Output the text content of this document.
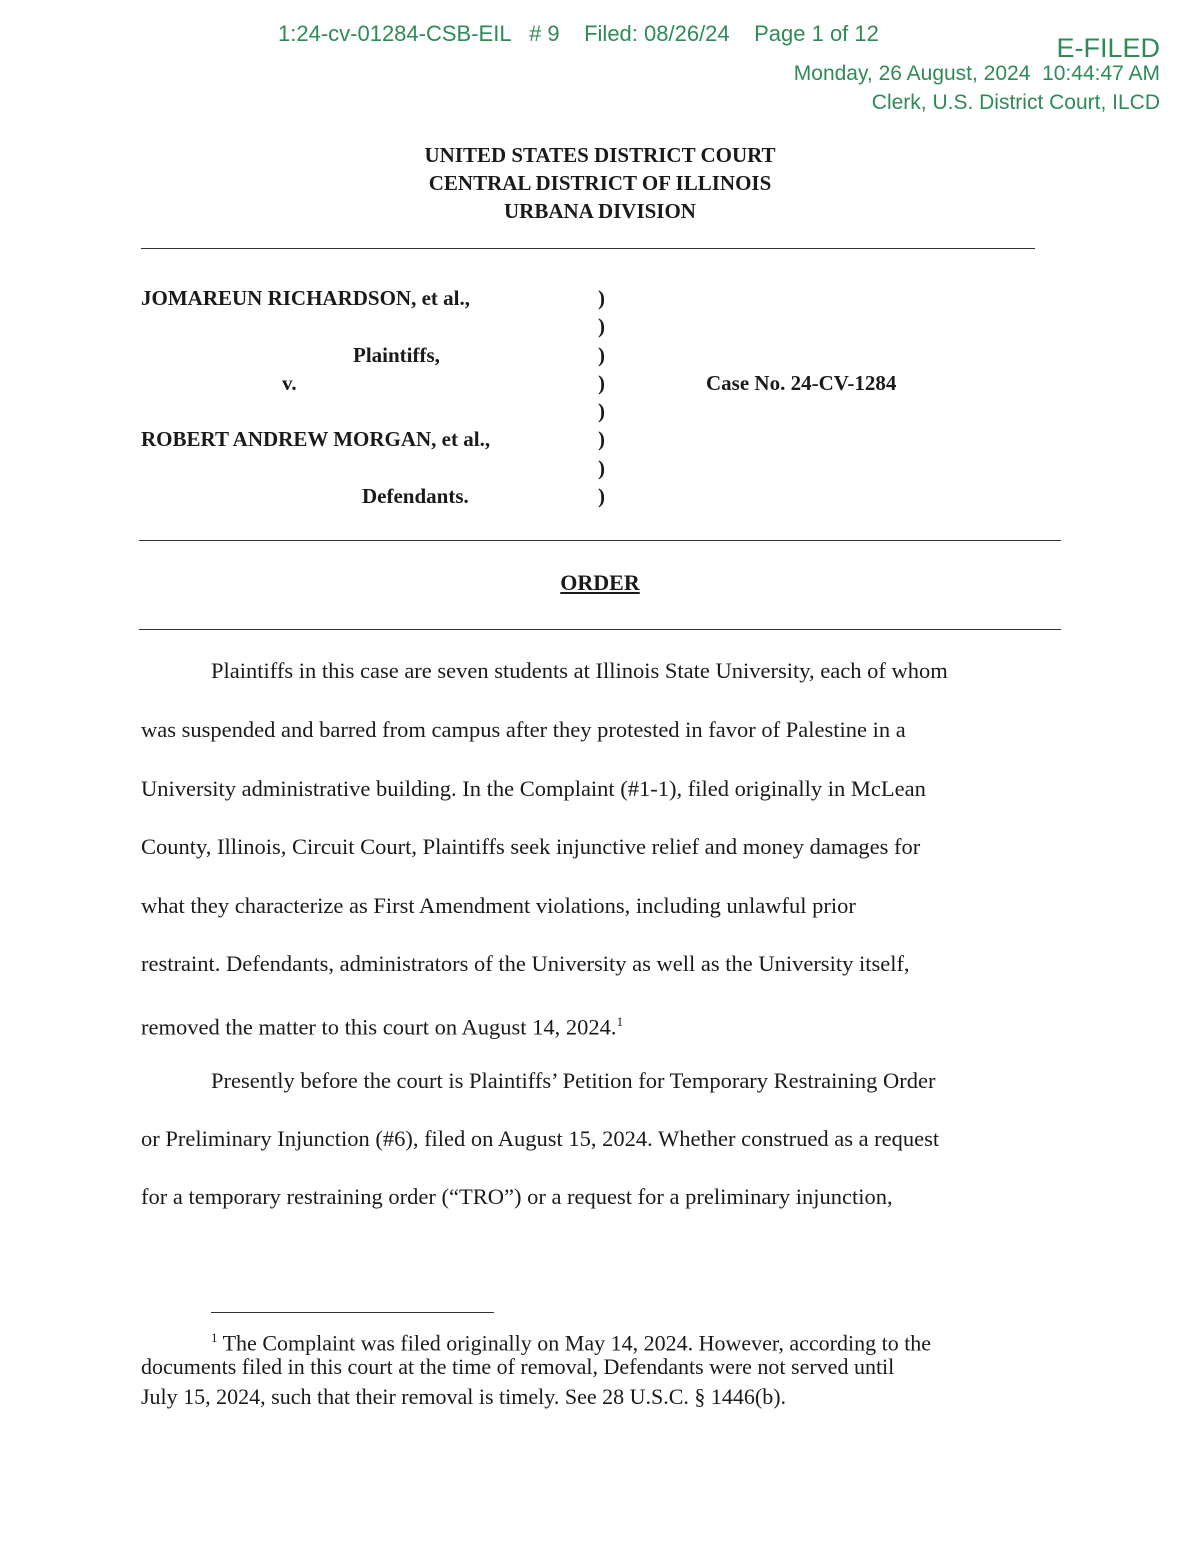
1:24-cv-01284-CSB-EIL   # 9    Filed: 08/26/24    Page 1 of 12	E-FILED
Monday, 26 August, 2024  10:44:47 AM
Clerk, U.S. District Court, ILCD
UNITED STATES DISTRICT COURT
CENTRAL DISTRICT OF ILLINOIS
URBANA DIVISION
JOMAREUN RICHARDSON, et al.,
Plaintiffs,
v.
ROBERT ANDREW MORGAN, et al.,
Defendants.
Case No. 24-CV-1284
)
)
)
)
)
)
)
)
ORDER
Plaintiffs in this case are seven students at Illinois State University, each of whom
was suspended and barred from campus after they protested in favor of Palestine in a
University administrative building. In the Complaint (#1-1), filed originally in McLean
County, Illinois, Circuit Court, Plaintiffs seek injunctive relief and money damages for
what they characterize as First Amendment violations, including unlawful prior
restraint. Defendants, administrators of the University as well as the University itself,
removed the matter to this court on August 14, 2024.$^1$
Presently before the court is Plaintiffs’ Petition for Temporary Restraining Order
or Preliminary Injunction (#6), filed on August 15, 2024. Whether construed as a request
for a temporary restraining order (“TRO”) or a request for a preliminary injunction,
$^1$ The Complaint was filed originally on May 14, 2024. However, according to the
documents filed in this court at the time of removal, Defendants were not served until
July 15, 2024, such that their removal is timely. See 28 U.S.C. § 1446(b).
